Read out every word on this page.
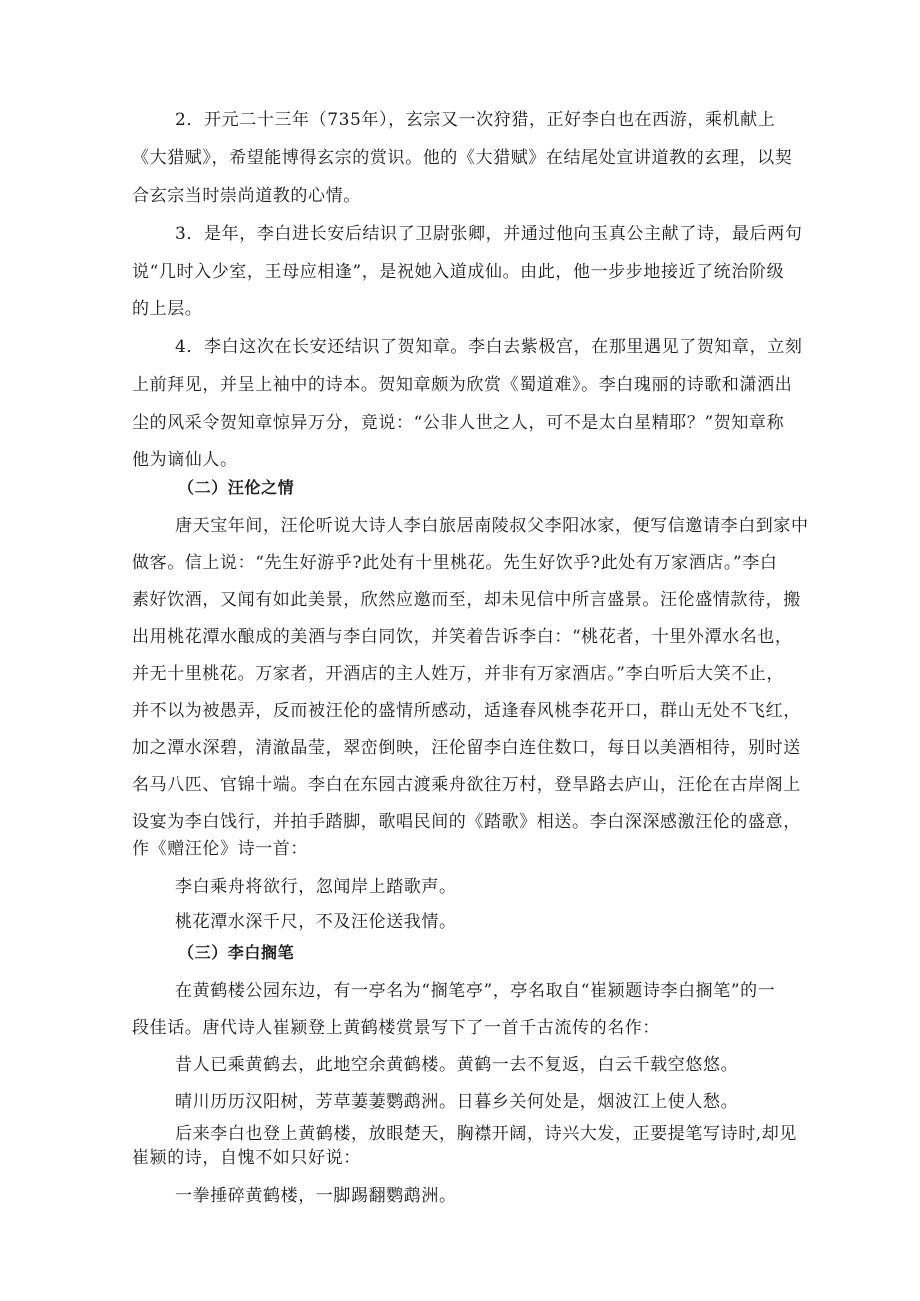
2．开元二十三年（735年），玄宗又一次狩猎，正好李白也在西游，乘机献上
《大猎赋》，希望能博得玄宗的赏识。他的《大猎赋》在结尾处宣讲道教的玄理，以契
合玄宗当时崇尚道教的心情。
3．是年，李白进长安后结识了卫尉张卿，并通过他向玉真公主献了诗，最后两句
说“几时入少室，王母应相逢”，是祝她入道成仙。由此，他一步步地接近了统治阶级
的上层。
4．李白这次在长安还结识了贺知章。李白去紫极宫，在那里遇见了贺知章，立刻
上前拜见，并呈上袖中的诗本。贺知章颇为欣赏《蜀道难》。李白瑰丽的诗歌和潇洒出
尘的风采令贺知章惊异万分，竟说：“公非人世之人，可不是太白星精耶？”贺知章称
他为谪仙人。
（二）汪伦之情
唐天宝年间，汪伦听说大诗人李白旅居南陵叔父李阳冰家，便写信邀请李白到家中
做客。信上说：“先生好游乎?此处有十里桃花。先生好饮乎?此处有万家酒店。”李白
素好饮酒，又闻有如此美景，欣然应邀而至，却未见信中所言盛景。汪伦盛情款待，搬
出用桃花潭水酿成的美酒与李白同饮，并笑着告诉李白：“桃花者，十里外潭水名也，
并无十里桃花。万家者，开酒店的主人姓万，并非有万家酒店。”李白听后大笑不止，
并不以为被愚弄，反而被汪伦的盛情所感动，适逢春风桃李花开口，群山无处不飞红，
加之潭水深碧，清澈晶莹，翠峦倒映，汪伦留李白连住数口，每日以美酒相待，别时送
名马八匹、官锦十端。李白在东园古渡乘舟欲往万村，登旱路去庐山，汪伦在古岸阁上
设宴为李白饯行，并拍手踏脚，歌唱民间的《踏歌》相送。李白深深感激汪伦的盛意，
作《赠汪伦》诗一首：
李白乘舟将欲行，忽闻岸上踏歌声。
桃花潭水深千尺，不及汪伦送我情。
（三）李白搁笔
在黄鹤楼公园东边，有一亭名为“搁笔亭”，亭名取自“崔颍题诗李白搁笔”的一
段佳话。唐代诗人崔颍登上黄鹤楼赏景写下了一首千古流传的名作：
昔人已乘黄鹤去，此地空余黄鹤楼。黄鹤一去不复返，白云千载空悠悠。
晴川历历汉阳树，芳草萋萋鹦鹉洲。日暮乡关何处是，烟波江上使人愁。
后来李白也登上黄鹤楼，放眼楚天，胸襟开阔，诗兴大发，正要提笔写诗时,却见
崔颍的诗，自愧不如只好说：
一拳捶碎黄鹤楼，一脚踢翻鹦鹉洲。
